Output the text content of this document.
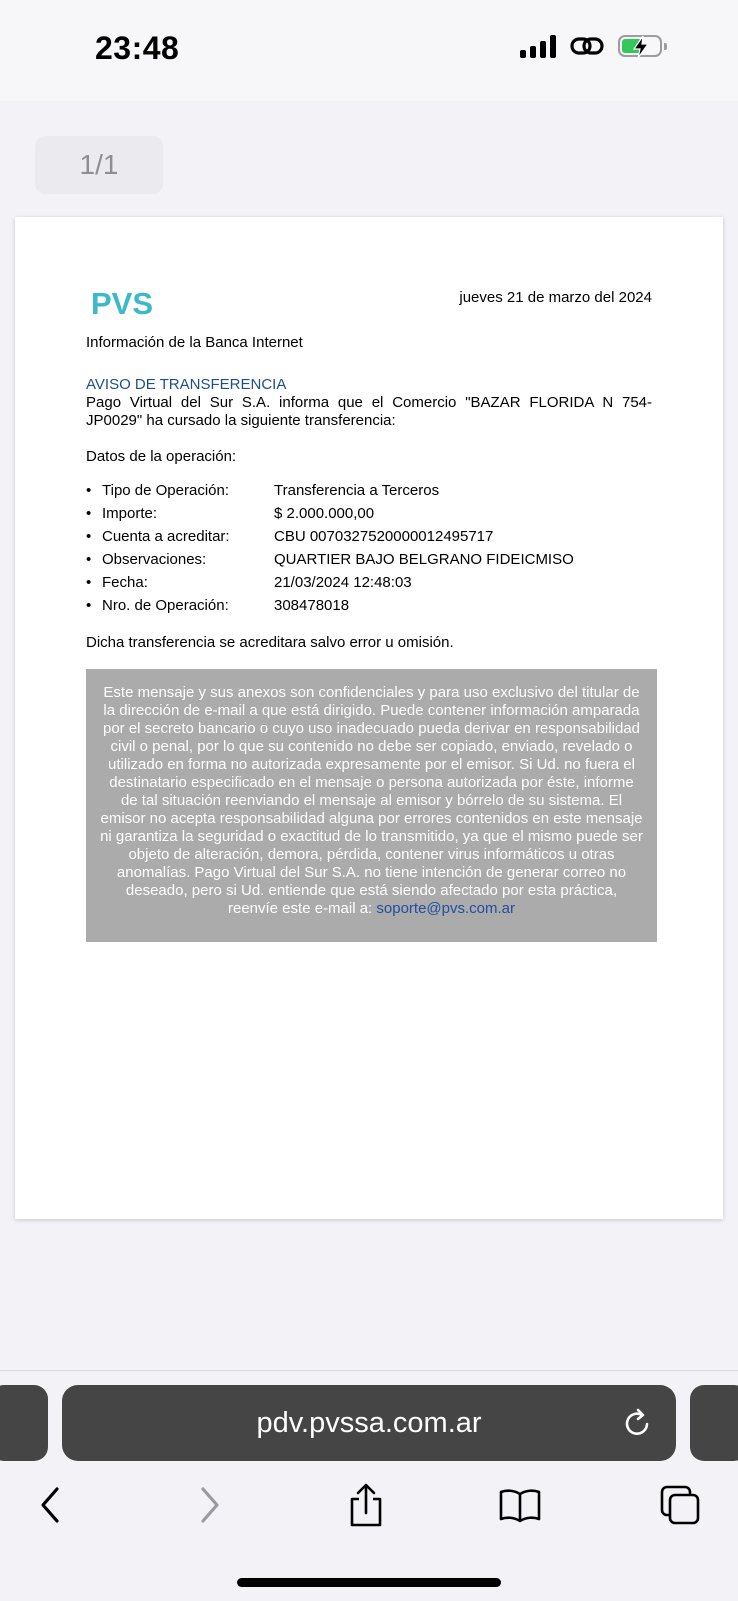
23:48
1/1
PVS	jueves 21 de marzo del 2024
Información de la Banca Internet
AVISO DE TRANSFERENCIA
Pago Virtual del Sur S.A. informa que el Comercio "BAZAR FLORIDA N 754-JP0029" ha cursado la siguiente transferencia:
Datos de la operación:
• Tipo de Operación:	Transferencia a Terceros
• Importe:	$ 2.000.000,00
• Cuenta a acreditar:	CBU 0070327520000012495717
• Observaciones:	QUARTIER BAJO BELGRANO FIDEICMISO
• Fecha:	21/03/2024 12:48:03
• Nro. de Operación:	308478018
Dicha transferencia se acreditara salvo error u omisión.
Este mensaje y sus anexos son confidenciales y para uso exclusivo del titular de la dirección de e-mail a que está dirigido. Puede contener información amparada por el secreto bancario o cuyo uso inadecuado pueda derivar en responsabilidad civil o penal, por lo que su contenido no debe ser copiado, enviado, revelado o utilizado en forma no autorizada expresamente por el emisor. Si Ud. no fuera el destinatario especificado en el mensaje o persona autorizada por éste, informe de tal situación reenviando el mensaje al emisor y bórrelo de su sistema. El emisor no acepta responsabilidad alguna por errores contenidos en este mensaje ni garantiza la seguridad o exactitud de lo transmitido, ya que el mismo puede ser objeto de alteración, demora, pérdida, contener virus informáticos u otras anomalías. Pago Virtual del Sur S.A. no tiene intención de generar correo no deseado, pero si Ud. entiende que está siendo afectado por esta práctica, reenvíe este e-mail a: soporte@pvs.com.ar
pdv.pvssa.com.ar
